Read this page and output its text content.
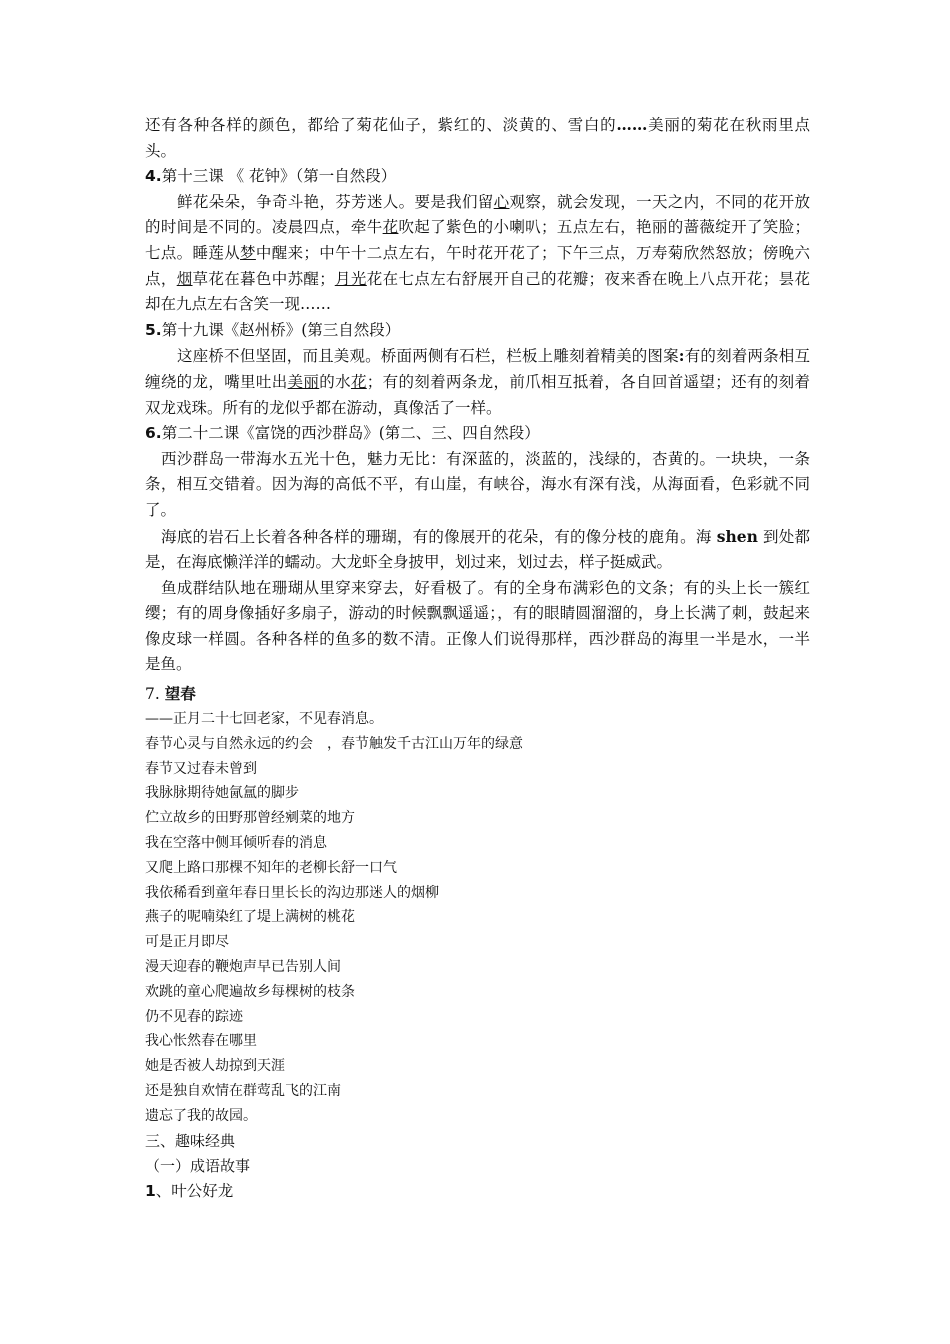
还有各种各样的颜色，都给了菊花仙子，紫红的、淡黄的、雪白的……美丽的菊花在秋雨里点头。

4.第十三课 《 花钟》（第一自然段）

鲜花朵朵，争奇斗艳，芬芳迷人。要是我们留心观察，就会发现，一天之内，不同的花开放的时间是不同的。凌晨四点，牵牛花吹起了紫色的小喇叭；五点左右，艳丽的蔷薇绽开了笑脸；七点。睡莲从梦中醒来；中午十二点左右，午时花开花了；下午三点，万寿菊欣然怒放；傍晚六点，烟草花在暮色中苏醒；月光花在七点左右舒展开自己的花瓣；夜来香在晚上八点开花；昙花却在九点左右含笑一现……

5.第十九课《赵州桥》(第三自然段）

这座桥不但坚固，而且美观。桥面两侧有石栏，栏板上雕刻着精美的图案:有的刻着两条相互缠绕的龙，嘴里吐出美丽的水花；有的刻着两条龙，前爪相互抵着，各自回首遥望；还有的刻着双龙戏珠。所有的龙似乎都在游动，真像活了一样。

6.第二十二课《富饶的西沙群岛》(第二、三、四自然段）

西沙群岛一带海水五光十色，魅力无比：有深蓝的，淡蓝的，浅绿的，杏黄的。一块块，一条条，相互交错着。因为海的高低不平，有山崖，有峡谷，海水有深有浅，从海面看，色彩就不同了。

海底的岩石上长着各种各样的珊瑚，有的像展开的花朵，有的像分枝的鹿角。海 shen 到处都是，在海底懒洋洋的蠕动。大龙虾全身披甲，划过来，划过去，样子挺威武。

鱼成群结队地在珊瑚从里穿来穿去，好看极了。有的全身布满彩色的文条；有的头上长一簇红缨；有的周身像插好多扇子，游动的时候飘飘遥遥；，有的眼睛圆溜溜的，身上长满了刺，鼓起来像皮球一样圆。各种各样的鱼多的数不清。正像人们说得那样，西沙群岛的海里一半是水，一半是鱼。

7. 望春

——正月二十七回老家，不见春消息。

春节心灵与自然永远的约会　，春节触发千古江山万年的绿意

春节又过春未曾到

我脉脉期待她氤氲的脚步

伫立故乡的田野那曾经剜菜的地方

我在空落中侧耳倾听春的消息

又爬上路口那棵不知年的老柳长舒一口气

我依稀看到童年春日里长长的沟边那迷人的烟柳

燕子的呢喃染红了堤上满树的桃花

可是正月即尽

漫天迎春的鞭炮声早已告别人间

欢跳的童心爬遍故乡每棵树的枝条

仍不见春的踪迹

我心怅然春在哪里

她是否被人劫掠到天涯

还是独自欢情在群莺乱飞的江南

遗忘了我的故园。

三、趣味经典

（一）成语故事

1、叶公好龙
